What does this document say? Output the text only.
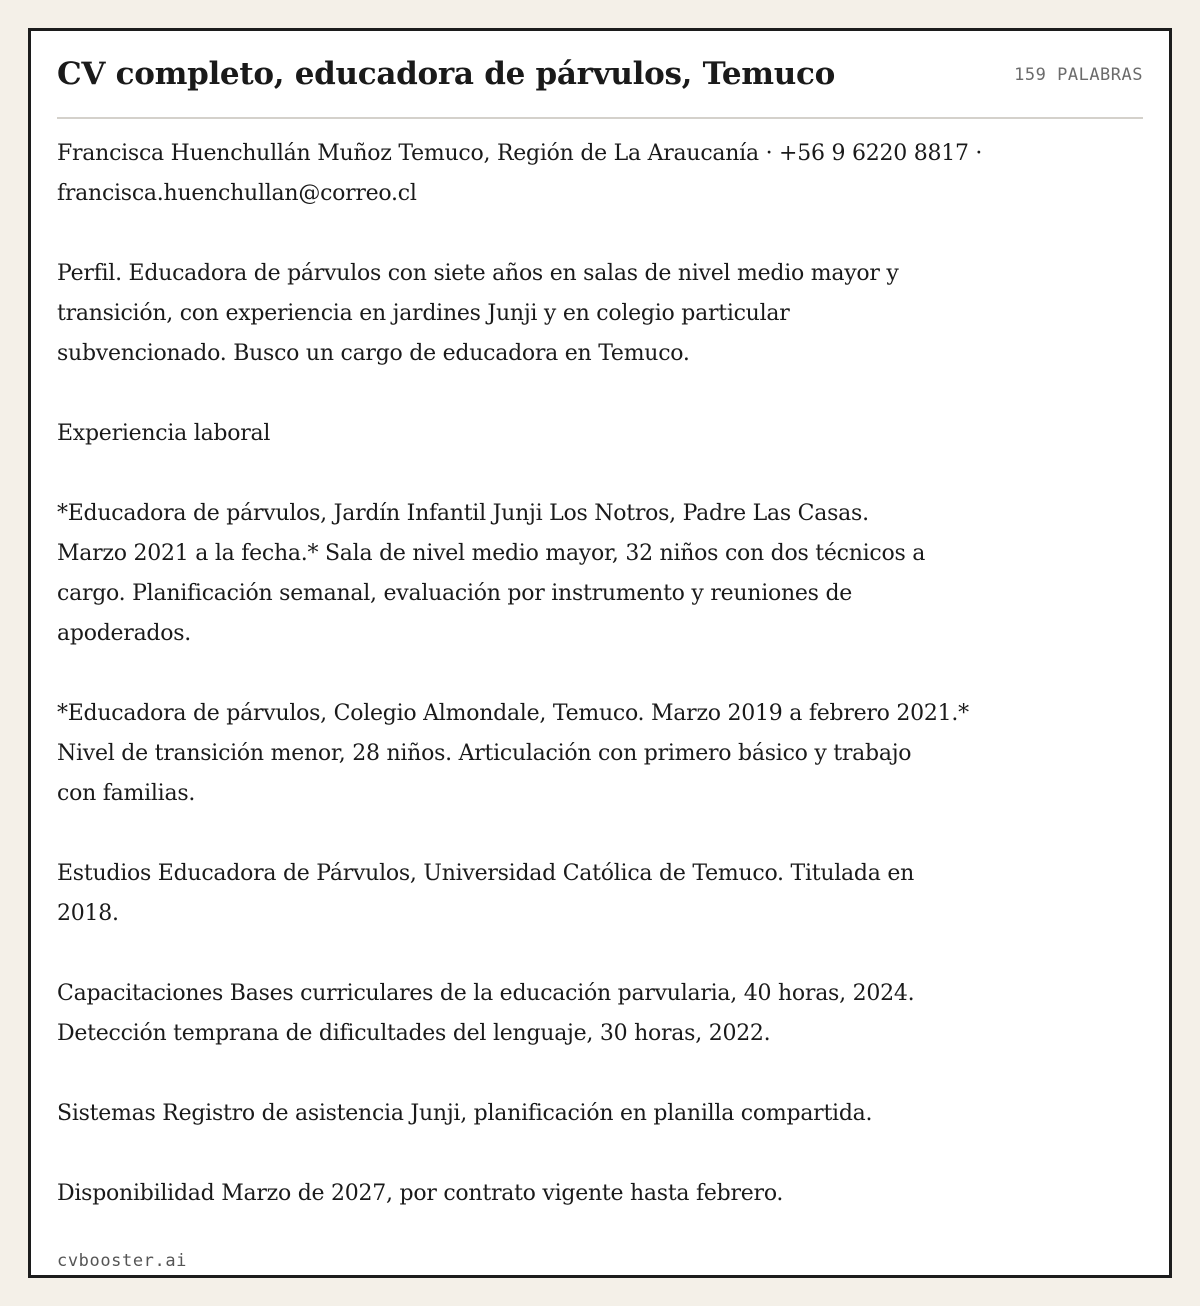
CV completo, educadora de párvulos, Temuco	159 PALABRAS
Francisca Huenchullán Muñoz Temuco, Región de La Araucanía · +56 9 6220 8817 ·
francisca.huenchullan@correo.cl

Perfil. Educadora de párvulos con siete años en salas de nivel medio mayor y
transición, con experiencia en jardines Junji y en colegio particular
subvencionado. Busco un cargo de educadora en Temuco.

Experiencia laboral

*Educadora de párvulos, Jardín Infantil Junji Los Notros, Padre Las Casas.
Marzo 2021 a la fecha.* Sala de nivel medio mayor, 32 niños con dos técnicos a
cargo. Planificación semanal, evaluación por instrumento y reuniones de
apoderados.

*Educadora de párvulos, Colegio Almondale, Temuco. Marzo 2019 a febrero 2021.*
Nivel de transición menor, 28 niños. Articulación con primero básico y trabajo
con familias.

Estudios Educadora de Párvulos, Universidad Católica de Temuco. Titulada en
2018.

Capacitaciones Bases curriculares de la educación parvularia, 40 horas, 2024.
Detección temprana de dificultades del lenguaje, 30 horas, 2022.

Sistemas Registro de asistencia Junji, planificación en planilla compartida.

Disponibilidad Marzo de 2027, por contrato vigente hasta febrero.
cvbooster.ai
